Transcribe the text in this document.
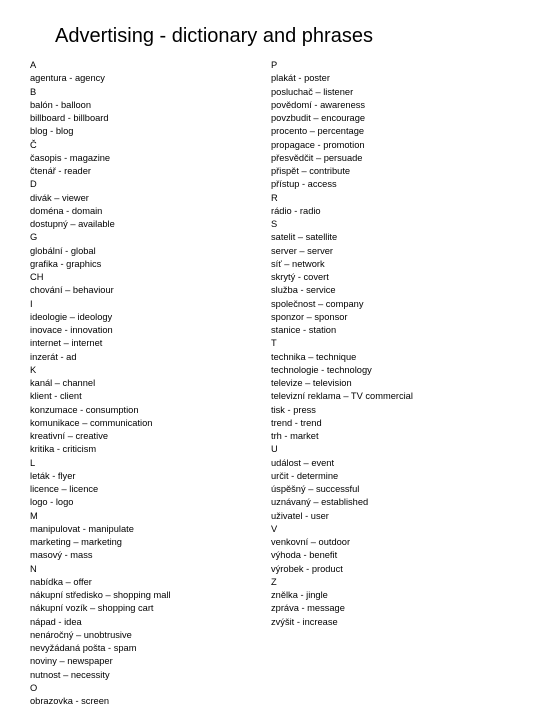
Advertising - dictionary and phrases
A
agentura - agency
B
balón - balloon
billboard - billboard
blog - blog
Č
časopis - magazine
čtenář - reader
D
divák – viewer
doména - domain
dostupný – available
G
globální - global
grafika - graphics
CH
chování – behaviour
I
ideologie – ideology
inovace - innovation
internet – internet
inzerát - ad
K
kanál – channel
klient - client
konzumace - consumption
komunikace – communication
kreativní – creative
kritika - criticism
L
leták - flyer
licence – licence
logo - logo
M
manipulovat - manipulate
marketing – marketing
masový - mass
N
nabídka – offer
nákupní středisko – shopping mall
nákupní vozík – shopping cart
nápad - idea
nenáročný – unobtrusive
nevyžádaná pošta - spam
noviny – newspaper
nutnost – necessity
O
obrazovka - screen
P
plakát - poster
posluchač – listener
povědomí - awareness
povzbudit – encourage
procento – percentage
propagace - promotion
přesvědčit – persuade
přispět – contribute
přístup - access
R
rádio - radio
S
satelit – satellite
server – server
síť – network
skrytý - covert
služba - service
společnost – company
sponzor – sponsor
stanice - station
T
technika – technique
technologie - technology
televize – television
televizní reklama – TV commercial
tisk - press
trend - trend
trh - market
U
událost – event
určit - determine
úspěšný – successful
uznávaný – established
uživatel - user
V
venkovní – outdoor
výhoda - benefit
výrobek - product
Z
znělka - jingle
zpráva - message
zvýšit - increase
